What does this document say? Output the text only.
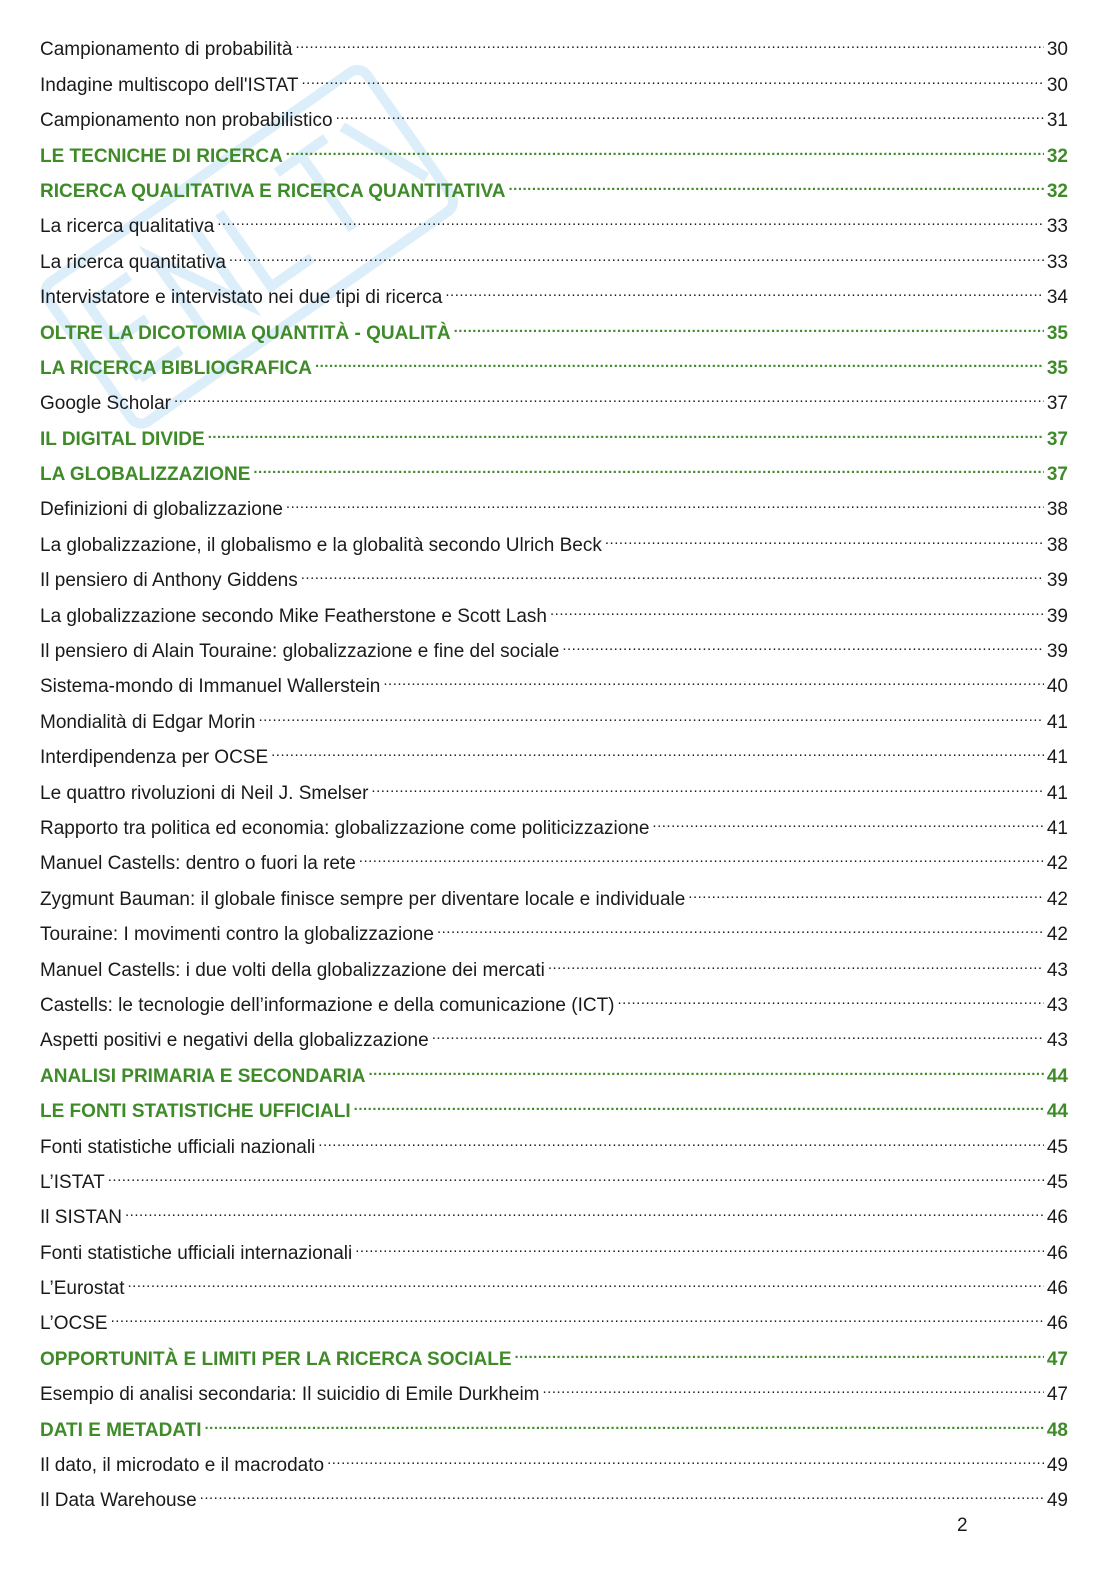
Campionamento di probabilità .....	30
Indagine multiscopo dell'ISTAT .....	30
Campionamento non probabilistico .....	31
LE TECNICHE DI RICERCA .....	32
RICERCA QUALITATIVA E RICERCA QUANTITATIVA .....	32
La ricerca qualitativa .....	33
La ricerca quantitativa .....	33
Intervistatore e intervistato nei due tipi di ricerca .....	34
OLTRE LA DICOTOMIA QUANTITÀ - QUALITÀ .....	35
LA RICERCA BIBLIOGRAFICA .....	35
Google Scholar .....	37
IL DIGITAL DIVIDE .....	37
LA GLOBALIZZAZIONE .....	37
Definizioni di globalizzazione .....	38
La globalizzazione, il globalismo e la globalità secondo Ulrich Beck .....	38
Il pensiero di Anthony Giddens .....	39
La globalizzazione secondo Mike Featherstone e Scott Lash .....	39
Il pensiero di Alain Touraine: globalizzazione e fine del sociale .....	39
Sistema-mondo di Immanuel Wallerstein .....	40
Mondialità di Edgar Morin .....	41
Interdipendenza per OCSE .....	41
Le quattro rivoluzioni di Neil J. Smelser .....	41
Rapporto tra politica ed economia: globalizzazione come politicizzazione .....	41
Manuel Castells: dentro o fuori la rete .....	42
Zygmunt Bauman: il globale finisce sempre per diventare locale e individuale .....	42
Touraine: I movimenti contro la globalizzazione .....	42
Manuel Castells: i due volti della globalizzazione dei mercati .....	43
Castells: le tecnologie dell’informazione e della comunicazione (ICT) .....	43
Aspetti positivi e negativi della globalizzazione .....	43
ANALISI PRIMARIA E SECONDARIA .....	44
LE FONTI STATISTICHE UFFICIALI .....	44
Fonti statistiche ufficiali nazionali .....	45
L’ISTAT .....	45
Il SISTAN .....	46
Fonti statistiche ufficiali internazionali .....	46
L’Eurostat .....	46
L’OCSE .....	46
OPPORTUNITÀ E LIMITI PER LA RICERCA SOCIALE .....	47
Esempio di analisi secondaria: Il suicidio di Emile Durkheim .....	47
DATI E METADATI .....	48
Il dato, il microdato e il macrodato .....	49
Il Data Warehouse .....	49
2
